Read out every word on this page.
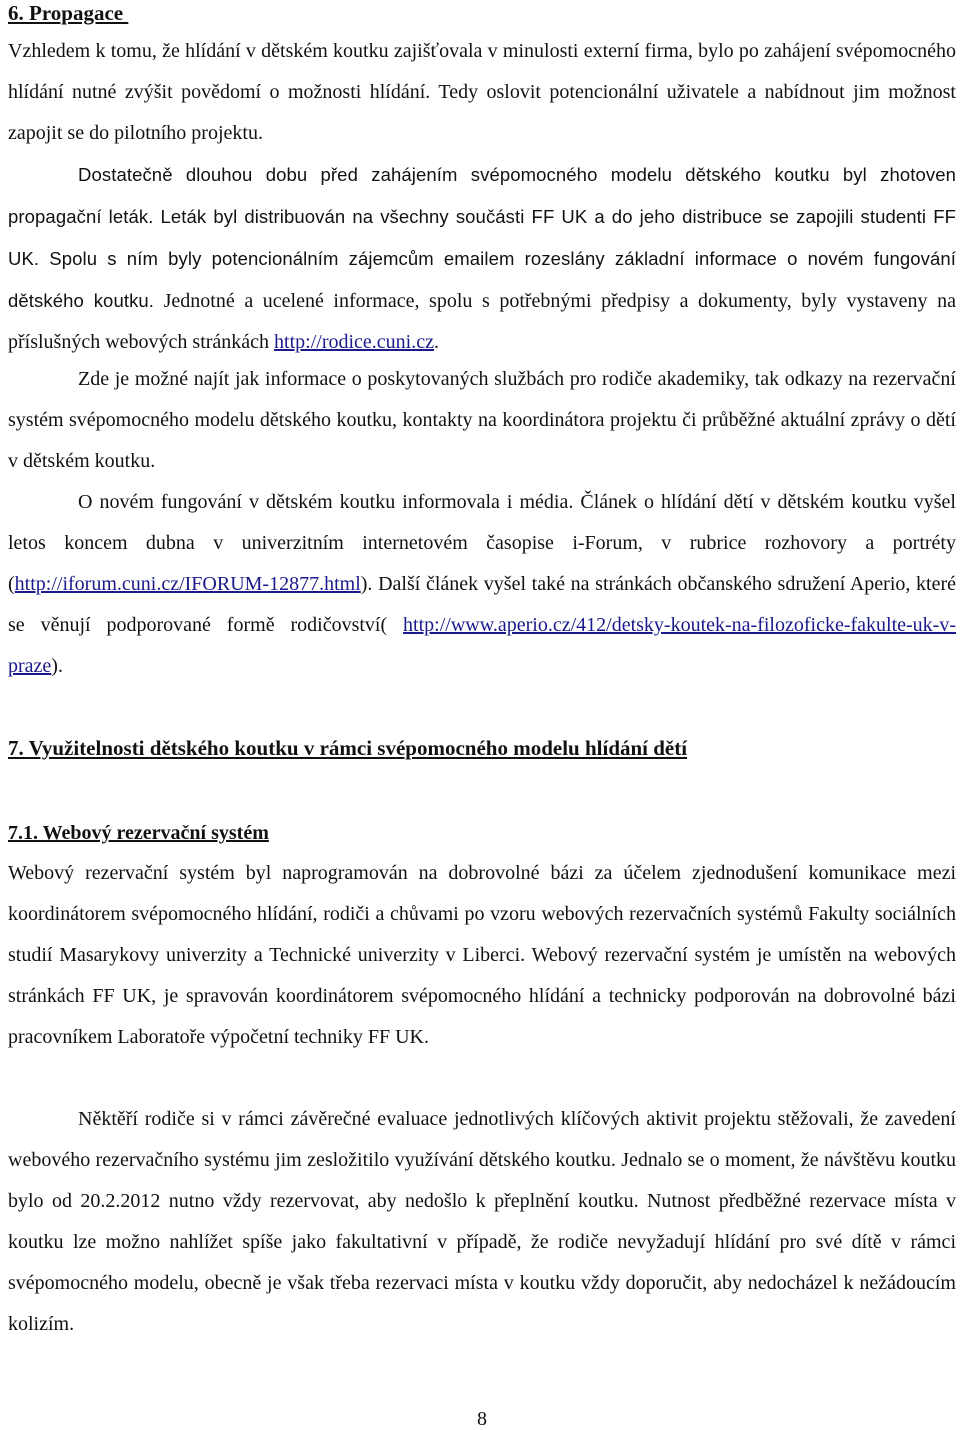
6. Propagace

Vzhledem k tomu, že hlídání v dětském koutku zajišťovala v minulosti externí firma, bylo po zahájení svépomocného hlídání nutné zvýšit povědomí o možnosti hlídání. Tedy oslovit potencionální uživatele a nabídnout jim možnost zapojit se do pilotního projektu.

Dostatečně dlouhou dobu před zahájením svépomocného modelu dětského koutku byl zhotoven propagační leták. Leták byl distribuován na všechny součásti FF UK a do jeho distribuce se zapojili studenti FF UK. Spolu s ním byly potencionálním zájemcům emailem rozeslány základní informace o novém fungování dětského koutku. Jednotné a ucelené informace, spolu s potřebnými předpisy a dokumenty, byly vystaveny na příslušných webových stránkách http://rodice.cuni.cz.

Zde je možné najít jak informace o poskytovaných službách pro rodiče akademiky, tak odkazy na rezervační systém svépomocného modelu dětského koutku, kontakty na koordinátora projektu či průběžné aktuální zprávy o dětí v dětském koutku.

O novém fungování v dětském koutku informovala i média. Článek o hlídání dětí v dětském koutku vyšel letos koncem dubna v univerzitním internetovém časopise i-Forum, v rubrice rozhovory a portréty (http://iforum.cuni.cz/IFORUM-12877.html). Další článek vyšel také na stránkách občanského sdružení Aperio, které se věnují podporované formě rodičovství( http://www.aperio.cz/412/detsky-koutek-na-filozoficke-fakulte-uk-v-praze).

7. Využitelnosti dětského koutku v rámci svépomocného modelu hlídání dětí
7.1. Webový rezervační systém

Webový rezervační systém byl naprogramován na dobrovolné bázi za účelem zjednodušení komunikace mezi koordinátorem svépomocného hlídání, rodiči a chůvami po vzoru webových rezervačních systémů Fakulty sociálních studií Masarykovy univerzity a Technické univerzity v Liberci. Webový rezervační systém je umístěn na webových stránkách FF UK, je spravován koordinátorem svépomocného hlídání a technicky podporován na dobrovolné bázi pracovníkem Laboratoře výpočetní techniky FF UK.

Něktěří rodiče si v rámci závěrečné evaluace jednotlivých klíčových aktivit projektu stěžovali, že zavedení webového rezervačního systému jim zesložitilo využívání dětského koutku. Jednalo se o moment, že návštěvu koutku bylo od 20.2.2012 nutno vždy rezervovat, aby nedošlo k přeplnění koutku. Nutnost předběžné rezervace místa v koutku lze možno nahlížet spíše jako fakultativní v případě, že rodiče nevyžadují hlídání pro své dítě v rámci svépomocného modelu, obecně je však třeba rezervaci místa v koutku vždy doporučit, aby nedocházel k nežádoucím kolizím.

8
